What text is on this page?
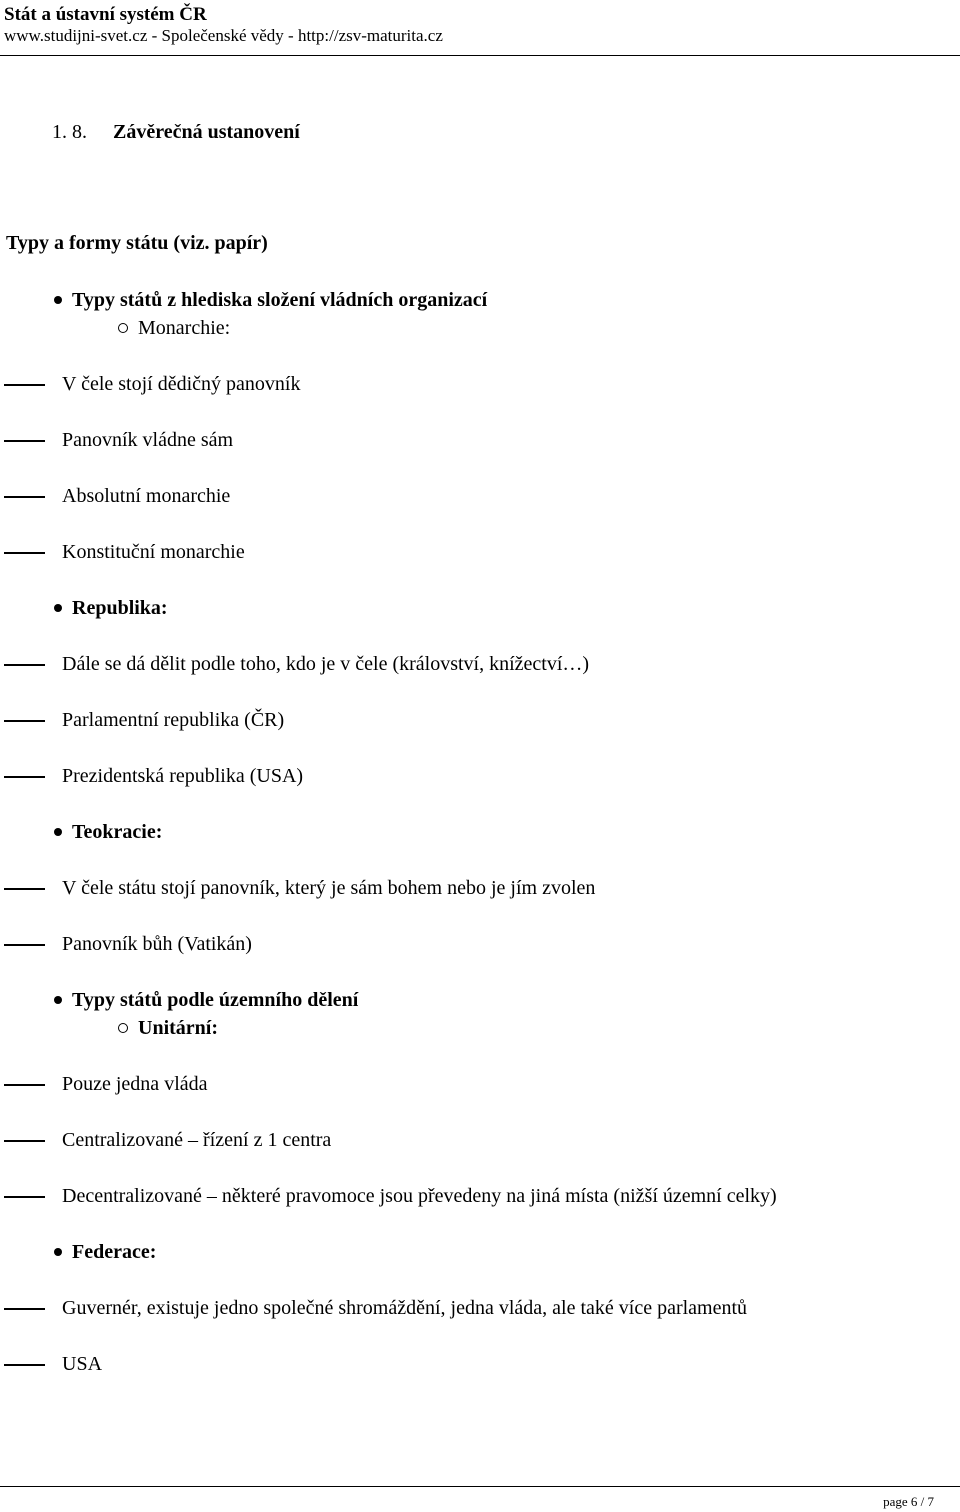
Stát a ústavní systém ČR
www.studijni-svet.cz - Společenské vědy - http://zsv-maturita.cz
1. 8. Závěrečná ustanovení
Typy a formy státu (viz. papír)
Typy států z hlediska složení vládních organizací
Monarchie:
V čele stojí dědičný panovník
Panovník vládne sám
Absolutní monarchie
Konstituční monarchie
Republika:
Dále se dá dělit podle toho, kdo je v čele (království, knížectví…)
Parlamentní republika (ČR)
Prezidentská republika (USA)
Teokracie:
V čele státu stojí panovník, který je sám bohem nebo je jím zvolen
Panovník bůh (Vatikán)
Typy států podle územního dělení
Unitární:
Pouze jedna vláda
Centralizované – řízení z 1 centra
Decentralizované – některé pravomoce jsou převedeny na jiná místa (nižší územní celky)
Federace:
Guvernér, existuje jedno společné shromáždění, jedna vláda, ale také více parlamentů
USA
page 6 / 7
